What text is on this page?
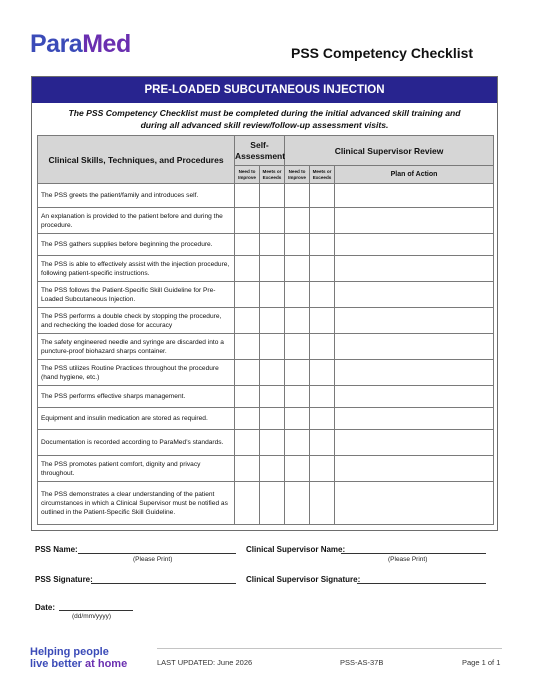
ParaMed	PSS Competency Checklist
PRE-LOADED SUBCUTANEOUS INJECTION
The PSS Competency Checklist must be completed during the initial advanced skill training and
during all advanced skill review/follow-up assessment visits.
Clinical Skills, Techniques, and Procedures	Self-Assessment		Clinical Supervisor Review		
	Need to Improve	Meets or Exceeds	Need to Improve	Meets or Exceeds	Plan of Action
The PSS greets the patient/family and introduces self.					
An explanation is provided to the patient before and during the procedure.					
The PSS gathers supplies before beginning the procedure.					
The PSS is able to effectively assist with the injection procedure, following patient-specific instructions.					
The PSS follows the Patient-Specific Skill Guideline for Pre-Loaded Subcutaneous Injection.					
The PSS performs a double check by stopping the procedure, and rechecking the loaded dose for accuracy					
The safety engineered needle and syringe are discarded into a puncture-proof biohazard sharps container.					
The PSS utilizes Routine Practices throughout the procedure (hand hygiene, etc.)					
The PSS performs effective sharps management.					
Equipment and insulin medication are stored as required.					
Documentation is recorded according to ParaMed’s standards.					
The PSS promotes patient comfort, dignity and privacy throughout.					
The PSS demonstrates a clear understanding of the patient circumstances in which a Clinical Supervisor must be notified as outlined in the Patient-Specific Skill Guideline.					
PSS Name:
(Please Print)
Clinical Supervisor Name:
(Please Print)
PSS Signature:	Clinical Supervisor Signature:
Date:
(dd/mm/yyyy)
Helping people
live better at home	LAST UPDATED: June 2026	PSS-AS-37B	Page 1 of 1
